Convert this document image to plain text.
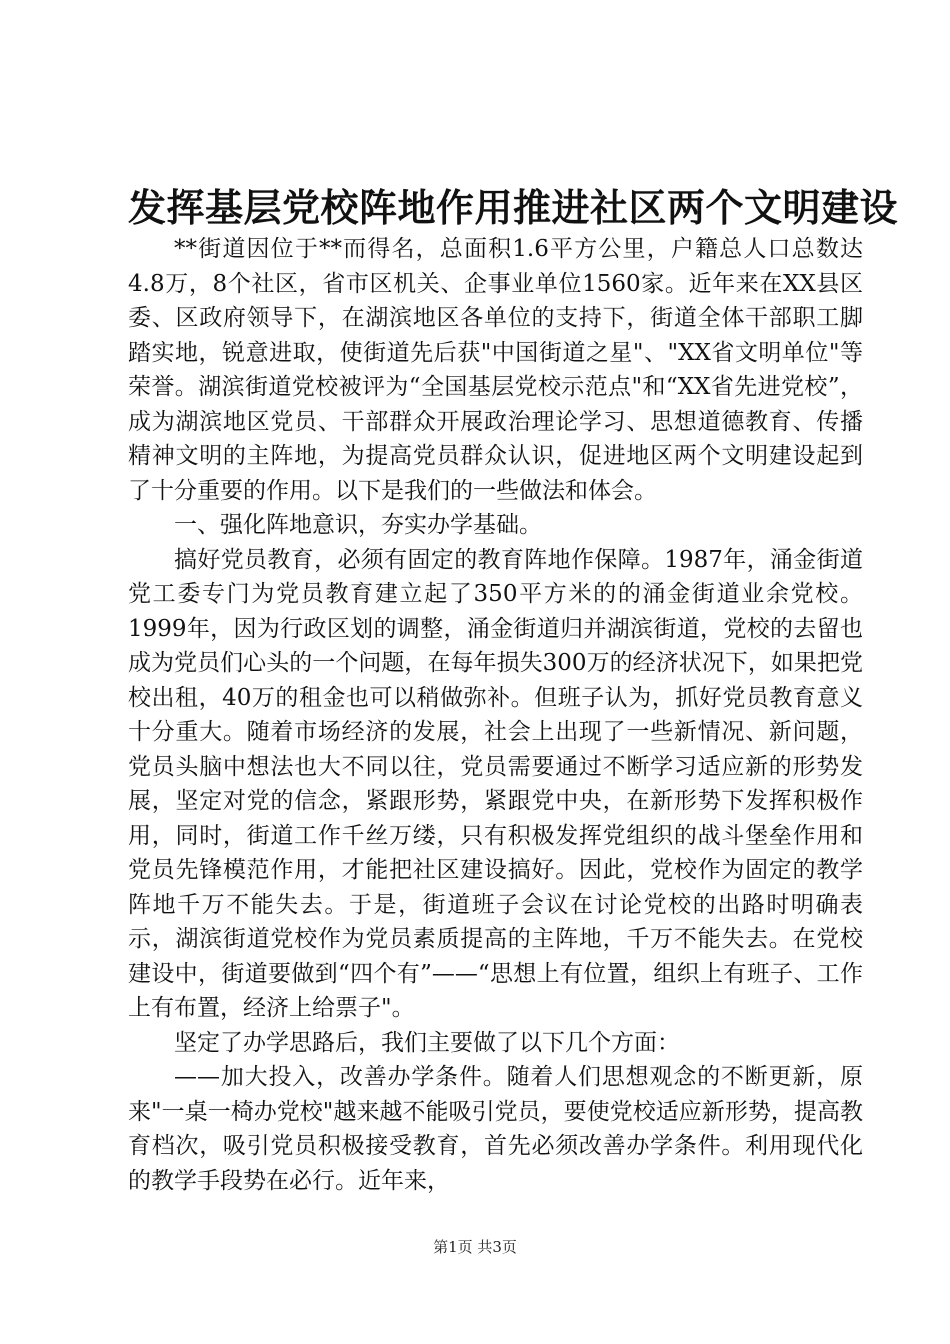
发挥基层党校阵地作用推进社区两个文明建设

**街道因位于**而得名，总面积1.6平方公里，户籍总人口总数达4.8万，8个社区，省市区机关、企事业单位1560家。近年来在XX县区委、区政府领导下，在湖滨地区各单位的支持下，街道全体干部职工脚踏实地，锐意进取，使街道先后获"中国街道之星"、"XX省文明单位"等荣誉。湖滨街道党校被评为“全国基层党校示范点"和“XX省先进党校”，成为湖滨地区党员、干部群众开展政治理论学习、思想道德教育、传播精神文明的主阵地，为提高党员群众认识，促进地区两个文明建设起到了十分重要的作用。以下是我们的一些做法和体会。

一、强化阵地意识，夯实办学基础。

搞好党员教育，必须有固定的教育阵地作保障。1987年，涌金街道党工委专门为党员教育建立起了350平方米的的涌金街道业余党校。1999年，因为行政区划的调整，涌金街道归并湖滨街道，党校的去留也成为党员们心头的一个问题，在每年损失300万的经济状况下，如果把党校出租，40万的租金也可以稍做弥补。但班子认为，抓好党员教育意义十分重大。随着市场经济的发展，社会上出现了一些新情况、新问题，党员头脑中想法也大不同以往，党员需要通过不断学习适应新的形势发展，坚定对党的信念，紧跟形势，紧跟党中央，在新形势下发挥积极作用，同时，街道工作千丝万缕，只有积极发挥党组织的战斗堡垒作用和党员先锋模范作用，才能把社区建设搞好。因此，党校作为固定的教学阵地千万不能失去。于是，街道班子会议在讨论党校的出路时明确表示，湖滨街道党校作为党员素质提高的主阵地，千万不能失去。在党校建设中，街道要做到“四个有”——“思想上有位置，组织上有班子、工作上有布置，经济上给票子"。

坚定了办学思路后，我们主要做了以下几个方面：

——加大投入，改善办学条件。随着人们思想观念的不断更新，原来"一桌一椅办党校"越来越不能吸引党员，要使党校适应新形势，提高教育档次，吸引党员积极接受教育，首先必须改善办学条件。利用现代化的教学手段势在必行。近年来，

第1页 共3页
